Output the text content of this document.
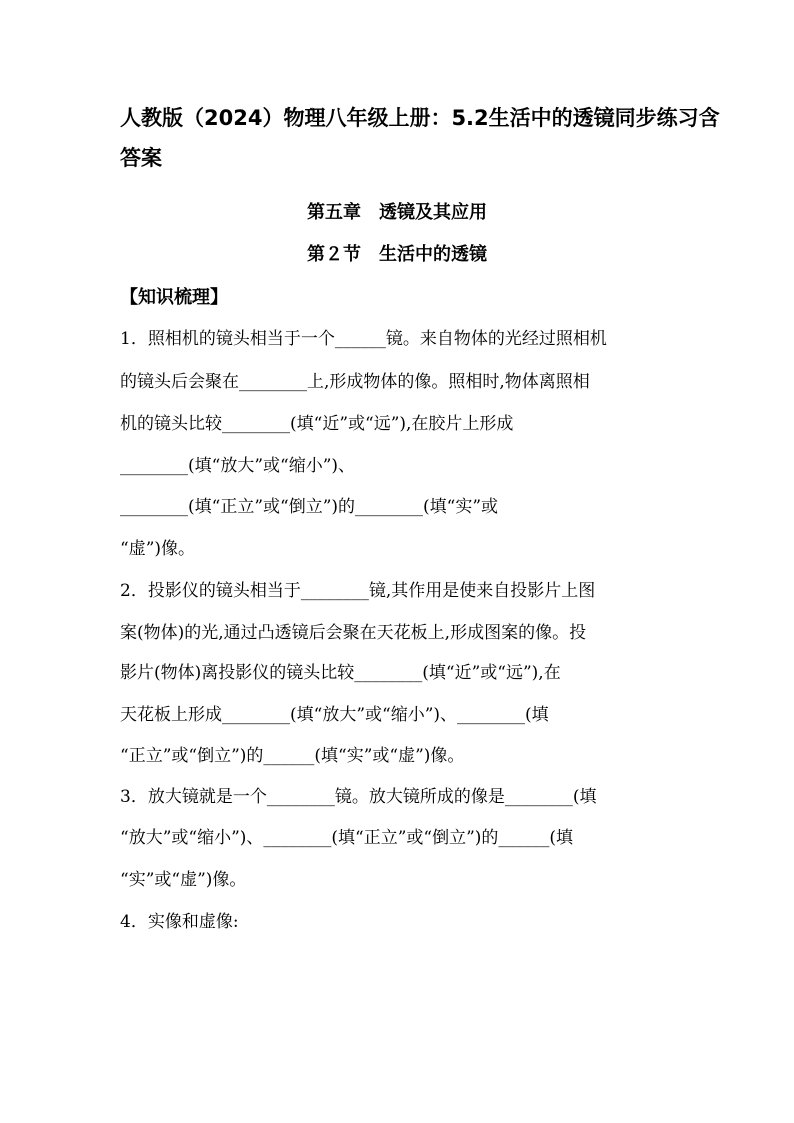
人教版（2024）物理八年级上册：5.2生活中的透镜同步练习含
答案
第五章　透镜及其应用
第２节　生活中的透镜
【知识梳理】
1．照相机的镜头相当于一个______镜。来自物体的光经过照相机
的镜头后会聚在________上,形成物体的像。照相时,物体离照相
机的镜头比较________(填“近”或“远”),在胶片上形成
________(填“放大”或“缩小”)、
________(填“正立”或“倒立”)的________(填“实”或
“虚”)像。
2．投影仪的镜头相当于________镜,其作用是使来自投影片上图
案(物体)的光,通过凸透镜后会聚在天花板上,形成图案的像。投
影片(物体)离投影仪的镜头比较________(填“近”或“远”),在
天花板上形成________(填“放大”或“缩小”)、________(填
“正立”或“倒立”)的______(填“实”或“虚”)像。
3．放大镜就是一个________镜。放大镜所成的像是________(填
“放大”或“缩小”)、________(填“正立”或“倒立”)的______(填
“实”或“虚”)像。
4．实像和虚像:
